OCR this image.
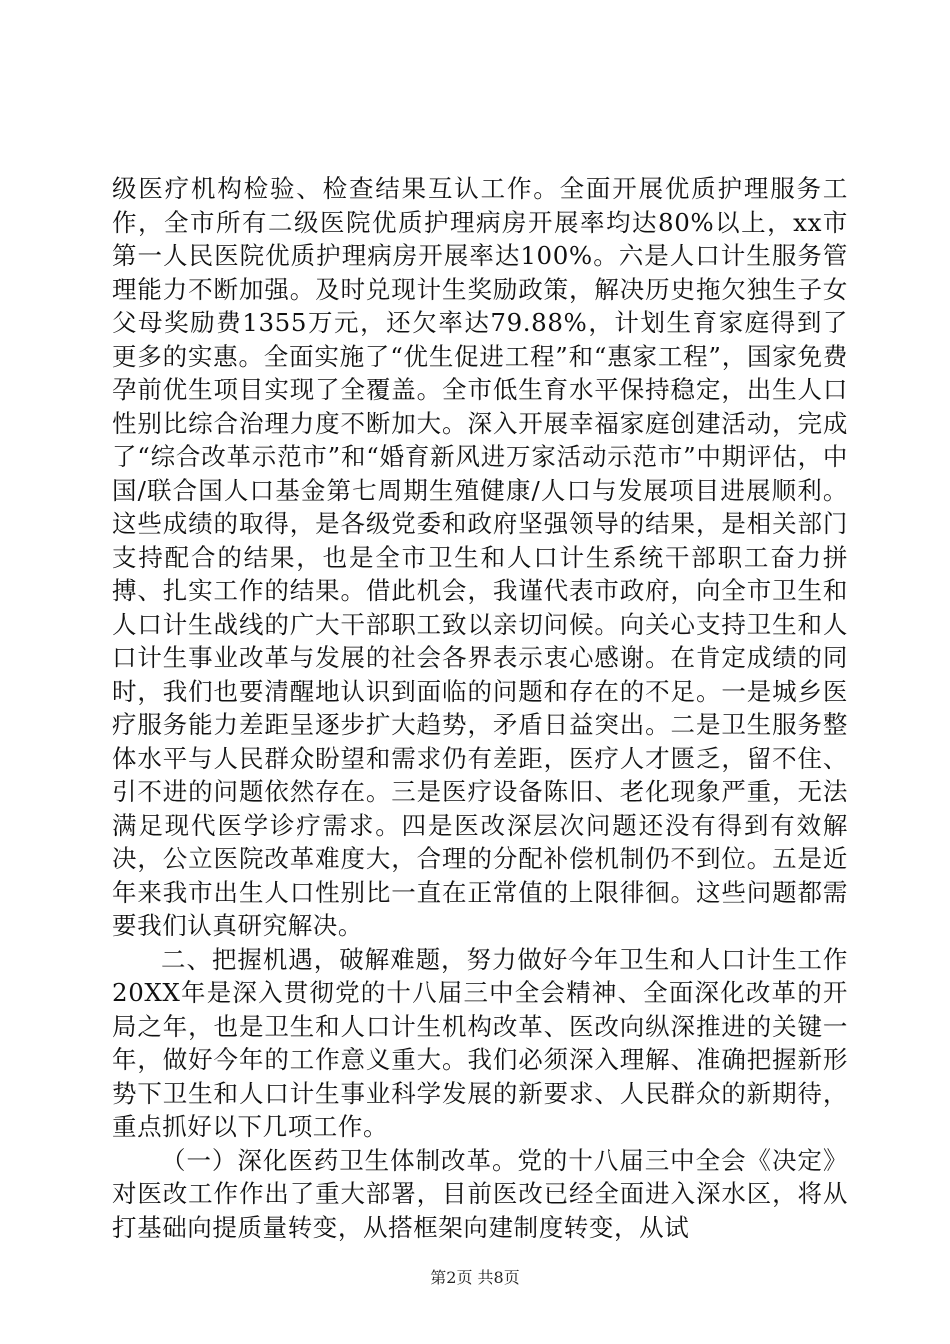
级医疗机构检验、检查结果互认工作。全面开展优质护理服务工作，全市所有二级医院优质护理病房开展率均达80%以上，xx市第一人民医院优质护理病房开展率达100%。六是人口计生服务管理能力不断加强。及时兑现计生奖励政策，解决历史拖欠独生子女父母奖励费1355万元，还欠率达79.88%，计划生育家庭得到了更多的实惠。全面实施了“优生促进工程”和“惠家工程”，国家免费孕前优生项目实现了全覆盖。全市低生育水平保持稳定，出生人口性别比综合治理力度不断加大。深入开展幸福家庭创建活动，完成了“综合改革示范市”和“婚育新风进万家活动示范市”中期评估，中国/联合国人口基金第七周期生殖健康/人口与发展项目进展顺利。这些成绩的取得，是各级党委和政府坚强领导的结果，是相关部门支持配合的结果，也是全市卫生和人口计生系统干部职工奋力拼搏、扎实工作的结果。借此机会，我谨代表市政府，向全市卫生和人口计生战线的广大干部职工致以亲切问候。向关心支持卫生和人口计生事业改革与发展的社会各界表示衷心感谢。在肯定成绩的同时，我们也要清醒地认识到面临的问题和存在的不足。一是城乡医疗服务能力差距呈逐步扩大趋势，矛盾日益突出。二是卫生服务整体水平与人民群众盼望和需求仍有差距，医疗人才匮乏，留不住、引不进的问题依然存在。三是医疗设备陈旧、老化现象严重，无法满足现代医学诊疗需求。四是医改深层次问题还没有得到有效解决，公立医院改革难度大，合理的分配补偿机制仍不到位。五是近年来我市出生人口性别比一直在正常值的上限徘徊。这些问题都需要我们认真研究解决。

二、把握机遇，破解难题，努力做好今年卫生和人口计生工作20XX年是深入贯彻党的十八届三中全会精神、全面深化改革的开局之年，也是卫生和人口计生机构改革、医改向纵深推进的关键一年，做好今年的工作意义重大。我们必须深入理解、准确把握新形势下卫生和人口计生事业科学发展的新要求、人民群众的新期待，重点抓好以下几项工作。

（一）深化医药卫生体制改革。党的十八届三中全会《决定》对医改工作作出了重大部署，目前医改已经全面进入深水区，将从打基础向提质量转变，从搭框架向建制度转变，从试

第2页 共8页
